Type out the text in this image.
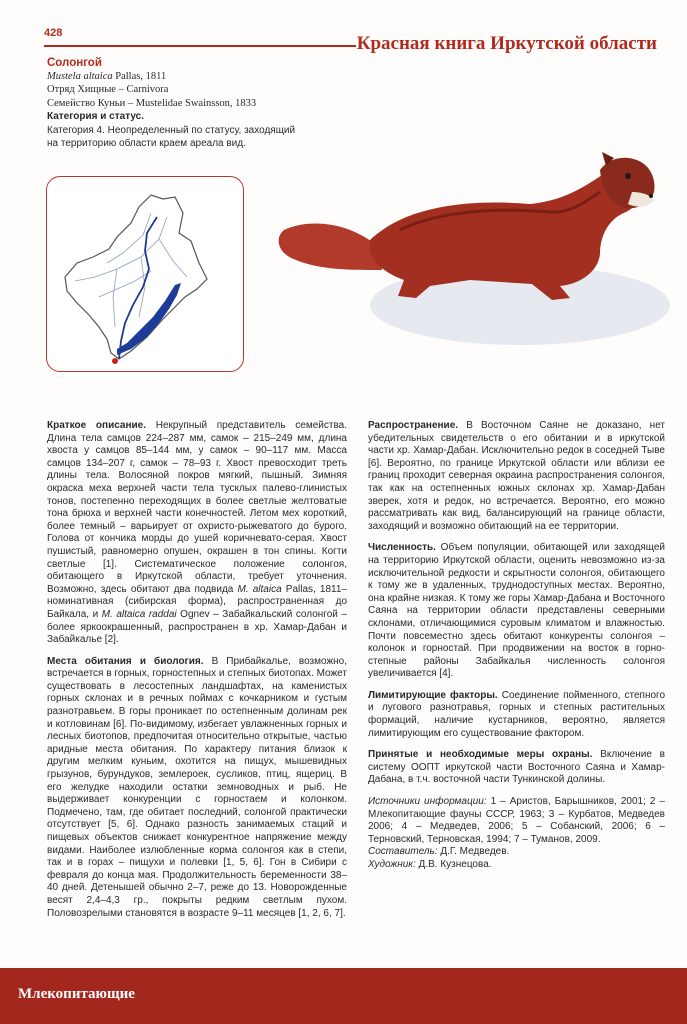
428	Красная книга Иркутской области
Солонгой
Mustela altaica Pallas, 1811
Отряд Хищные – Carnivora
Семейство Куньи – Mustelidae Swainsson, 1833
Категория и статус.
Категория 4. Неопределенный по статусу, заходящий
на территорию области краем ареала вид.

Краткое описание. Некрупный представитель семейства. Длина тела самцов 224–287 мм, самок – 215–249 мм, длина хвоста у самцов 85–144 мм, у самок – 90–117 мм. Масса самцов 134–207 г, самок – 78–93 г. Хвост превосходит треть длины тела. Волосяной покров мягкий, пышный. Зимняя окраска меха верхней части тела тусклых палево-глинистых тонов, постепенно переходящих в более светлые желтоватые тона брюха и верхней части конечностей. Летом мех короткий, более темный – варьирует от охристо-рыжеватого до бурого. Голова от кончика морды до ушей коричневато-серая. Хвост пушистый, равномерно опушен, окрашен в тон спины. Когти светлые [1]. Систематическое положение солонгоя, обитающего в Иркутской области, требует уточнения. Возможно, здесь обитают два подвида M. altaica Pallas, 1811– номинативная (сибирская форма), распространенная до Байкала, и M. altaica raddai Ognev – Забайкальский солонгой – более яркоокрашенный, распространен в хр. Хамар-Дабан и Забайкалье [2].

Места обитания и биология. В Прибайкалье, возможно, встречается в горных, горностепных и степных биотопах. Может существовать в лесостепных ландшафтах, на каменистых горных склонах и в речных поймах с кочкарником и густым разнотравьем. В горы проникает по остепненным долинам рек и котловинам [6]. По-видимому, избегает увлажненных горных и лесных биотопов, предпочитая относительно открытые, частью аридные места обитания. По характеру питания близок к другим мелким куньим, охотится на пищух, мышевидных грызунов, бурундуков, землероек, сусликов, птиц, ящериц. В его желудке находили остатки земноводных и рыб. Не выдерживает конкуренции с горностаем и колонком. Подмечено, там, где обитает последний, солонгой практически отсутствует [5, 6]. Однако разность занимаемых стаций и пищевых объектов снижает конкурентное напряжение между видами. Наиболее излюбленные корма солонгоя как в степи, так и в горах – пищухи и полевки [1, 5, 6]. Гон в Сибири с февраля до конца мая. Продолжительность беременности 38–40 дней. Детенышей обычно 2–7, реже до 13. Новорожденные весят 2,4–4,3 гр., покрыты редким светлым пухом. Половозрелыми становятся в возрасте 9–11 месяцев [1, 2, 6, 7].

Распространение. В Восточном Саяне не доказано, нет убедительных свидетельств о его обитании и в иркутской части хр. Хамар-Дабан. Исключительно редок в соседней Тыве [6]. Вероятно, по границе Иркутской области или вблизи ее границ проходит северная окраина распространения солонгоя, так как на остепненных южных склонах хр. Хамар-Дабан зверек, хотя и редок, но встречается. Вероятно, его можно рассматривать как вид, балансирующий на границе области, заходящий и возможно обитающий на ее территории.

Численность. Объем популяции, обитающей или заходящей на территорию Иркутской области, оценить невозможно из-за исключительной редкости и скрытности солонгоя, обитающего к тому же в удаленных, труднодоступных местах. Вероятно, она крайне низкая. К тому же горы Хамар-Дабана и Восточного Саяна на территории области представлены северными склонами, отличающимися суровым климатом и влажностью. Почти повсеместно здесь обитают конкуренты солонгоя – колонок и горностай. При продвижении на восток в горно-степные районы Забайкалья численность солонгоя увеличивается [4].

Лимитирующие факторы. Соединение пойменного, степного и лугового разнотравья, горных и степных растительных формаций, наличие кустарников, вероятно, является лимитирующим его существование фактором.

Принятые и необходимые меры охраны. Включение в систему ООПТ иркутской части Восточного Саяна и Хамар-Дабана, в т.ч. восточной части Тункинской долины.

Источники информации: 1 – Аристов, Барышников, 2001; 2 – Млекопитающие фауны СССР, 1963; 3 – Курбатов, Медведев 2006; 4 – Медведев, 2006; 5 – Собанский, 2006; 6 – Терновский, Терновская, 1994; 7 – Туманов, 2009.
Составитель: Д.Г. Медведев.
Художник: Д.В. Кузнецова.

Млекопитающие
